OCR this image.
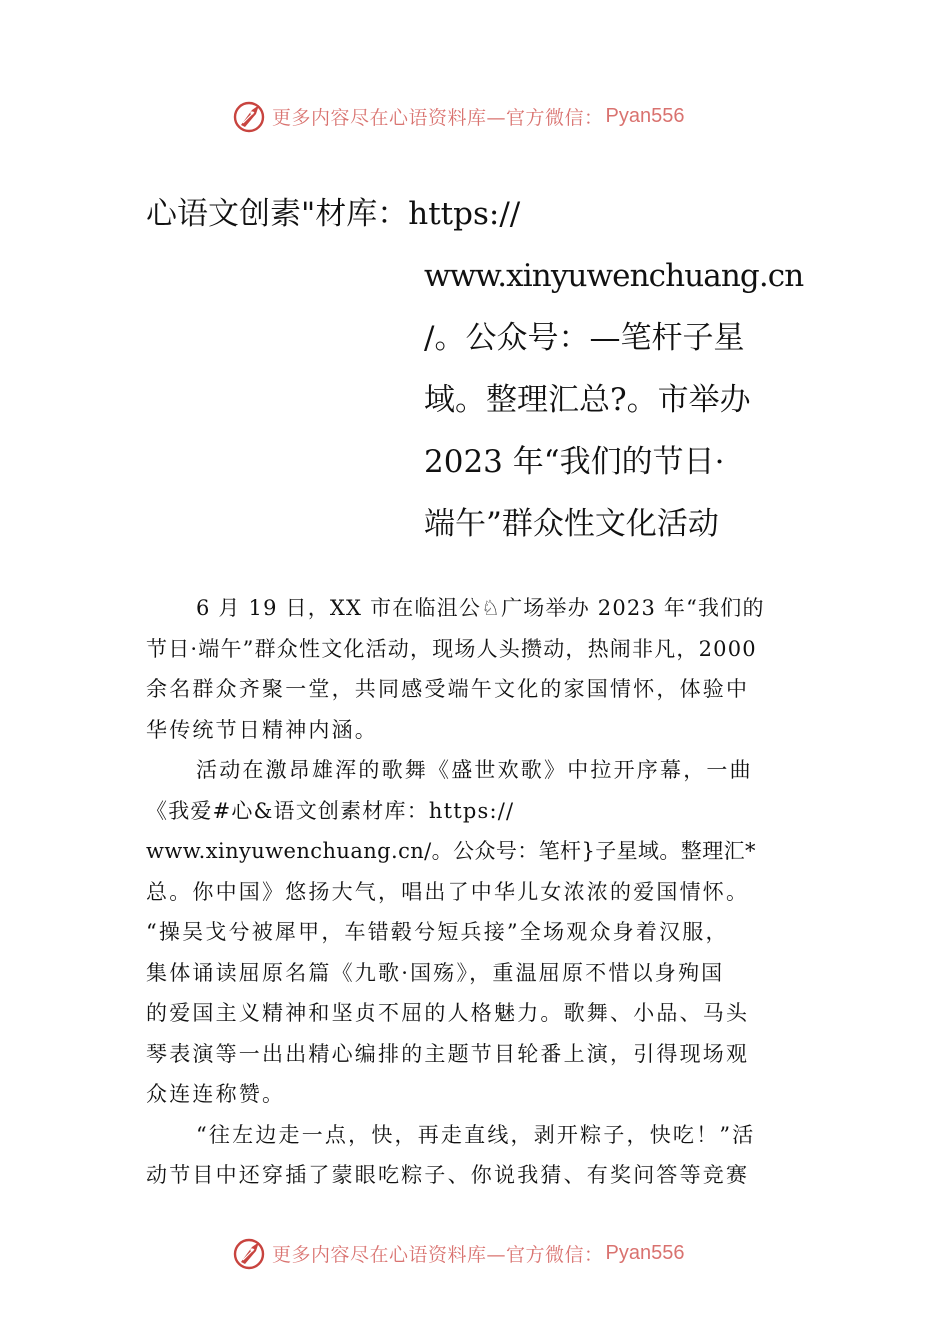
更多内容尽在心语资料库—官方微信： Pyan556
心语文创素"材库：https://
www.xinyuwenchuang.cn
/。公众号：—笔杆子星
域。整理汇总?。市举办
2023 年“我们的节日·
端午”群众性文化活动
6 月 19 日，XX 市在临沮公♘广场举办 2023 年“我们的
节日·端午”群众性文化活动，现场人头攒动，热闹非凡，2000
余名群众齐聚一堂，共同感受端午文化的家国情怀，体验中
华传统节日精神内涵。
活动在激昂雄浑的歌舞《盛世欢歌》中拉开序幕，一曲
《我爱#心&语文创素材库：https://
www.xinyuwenchuang.cn/。公众号：笔杆}子星域。整理汇*
总。你中国》悠扬大气，唱出了中华儿女浓浓的爱国情怀。
“操吴戈兮被犀甲，车错毂兮短兵接”全场观众身着汉服，
集体诵读屈原名篇《九歌·国殇》，重温屈原不惜以身殉国
的爱国主义精神和坚贞不屈的人格魅力。歌舞、小品、马头
琴表演等一出出精心编排的主题节目轮番上演，引得现场观
众连连称赞。
“往左边走一点，快，再走直线，剥开粽子，快吃！”活
动节目中还穿插了蒙眼吃粽子、你说我猜、有奖问答等竞赛
更多内容尽在心语资料库—官方微信： Pyan556
